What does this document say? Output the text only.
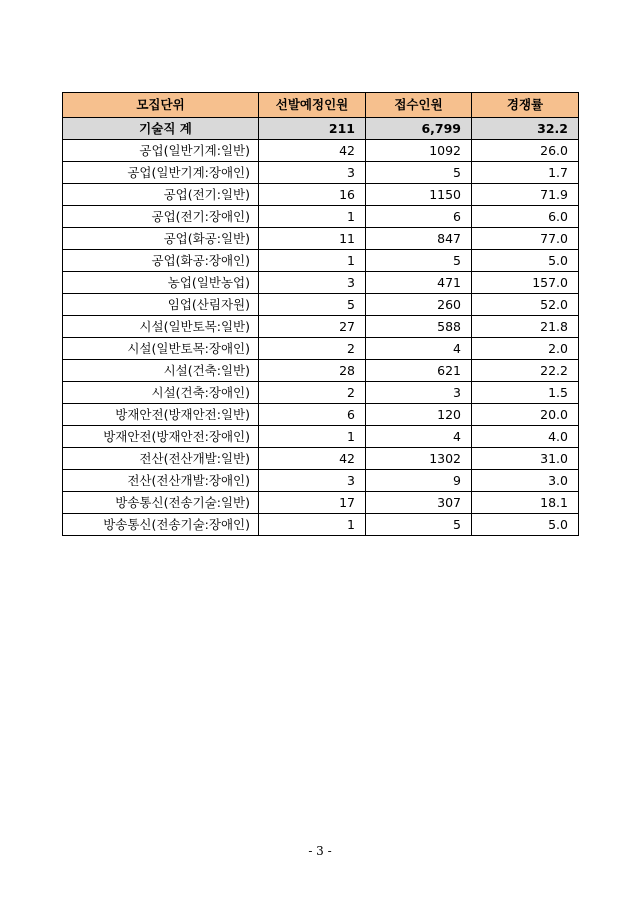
모집단위	선발예정인원	접수인원	경쟁률
기술직 계	211	6,799	32.2
공업(일반기계:일반)	42	1092	26.0
공업(일반기계:장애인)	3	5	1.7
공업(전기:일반)	16	1150	71.9
공업(전기:장애인)	1	6	6.0
공업(화공:일반)	11	847	77.0
공업(화공:장애인)	1	5	5.0
농업(일반농업)	3	471	157.0
임업(산림자원)	5	260	52.0
시설(일반토목:일반)	27	588	21.8
시설(일반토목:장애인)	2	4	2.0
시설(건축:일반)	28	621	22.2
시설(건축:장애인)	2	3	1.5
방재안전(방재안전:일반)	6	120	20.0
방재안전(방재안전:장애인)	1	4	4.0
전산(전산개발:일반)	42	1302	31.0
전산(전산개발:장애인)	3	9	3.0
방송통신(전송기술:일반)	17	307	18.1
방송통신(전송기술:장애인)	1	5	5.0
- 3 -
